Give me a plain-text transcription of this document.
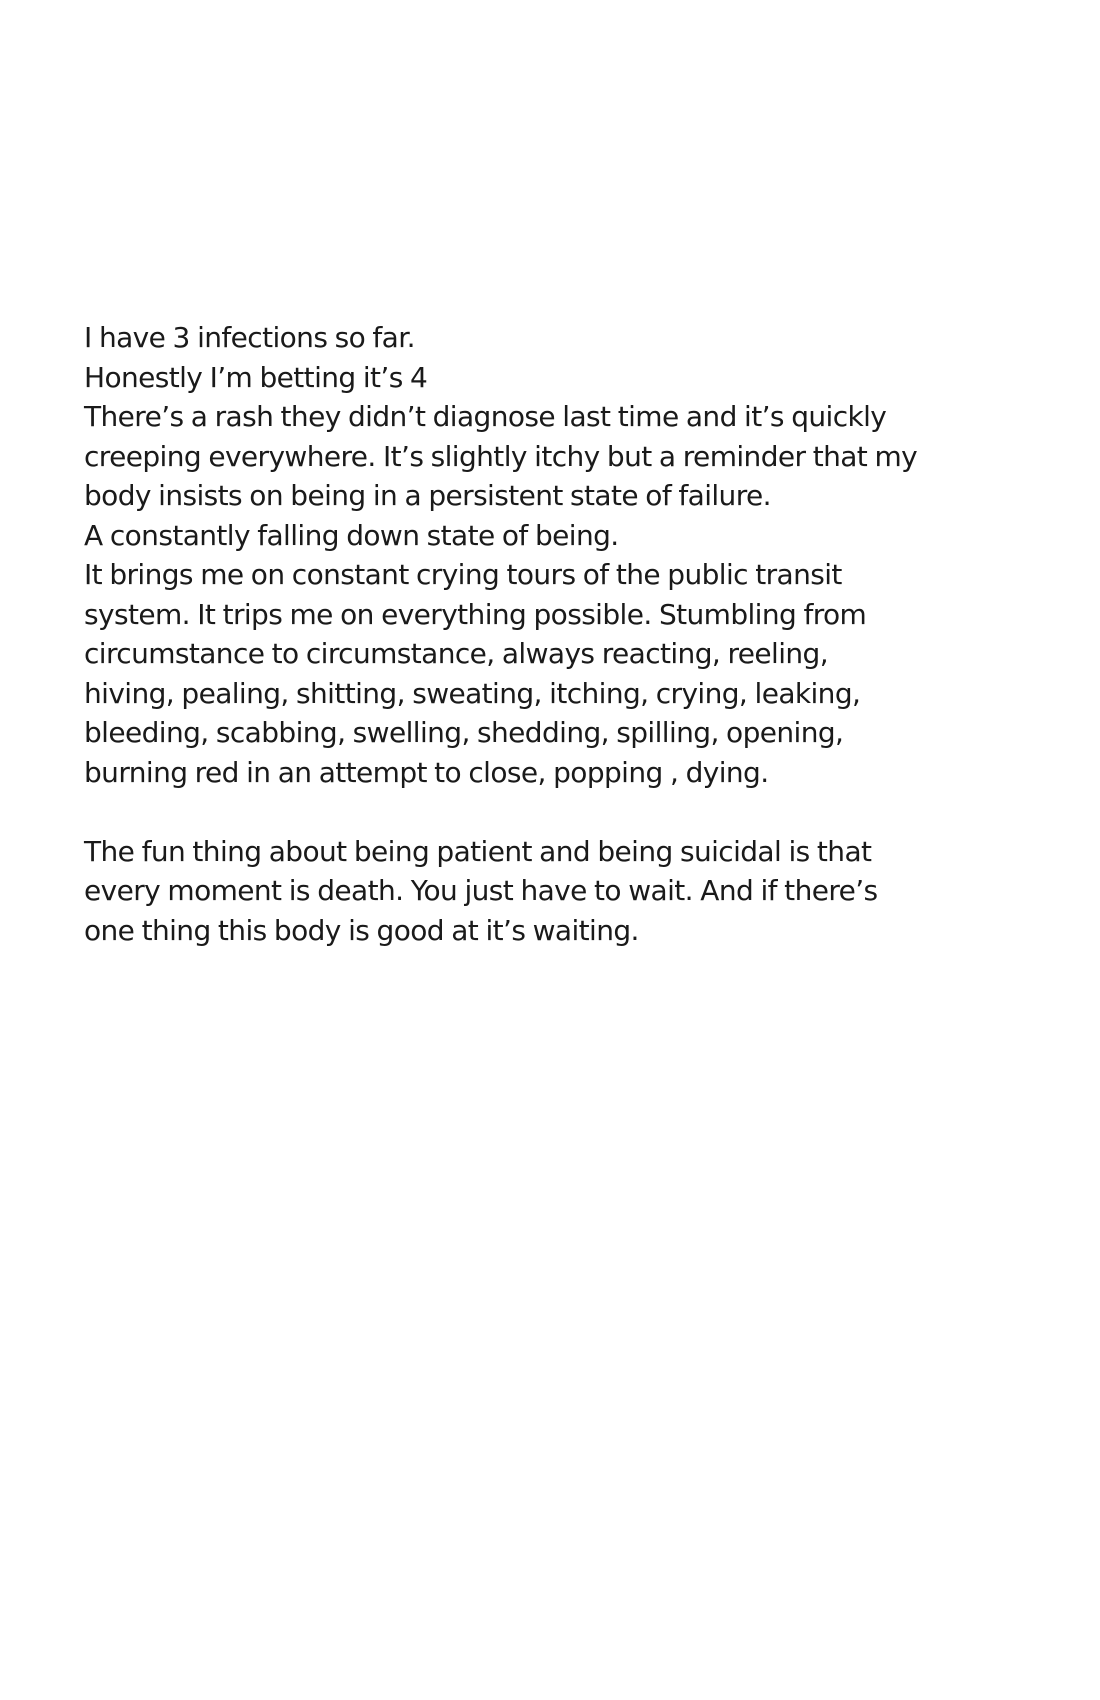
I have 3 infections so far.
Honestly I’m betting it’s 4
There’s a rash they didn’t diagnose last time and it’s quickly
creeping everywhere. It’s slightly itchy but a reminder that my
body insists on being in a persistent state of failure.
A constantly falling down state of being.
It brings me on constant crying tours of the public transit
system. It trips me on everything possible. Stumbling from
circumstance to circumstance, always reacting, reeling,
hiving, pealing, shitting, sweating, itching, crying, leaking,
bleeding, scabbing, swelling, shedding, spilling, opening,
burning red in an attempt to close, popping , dying.

The fun thing about being patient and being suicidal is that
every moment is death. You just have to wait. And if there’s
one thing this body is good at it’s waiting.
